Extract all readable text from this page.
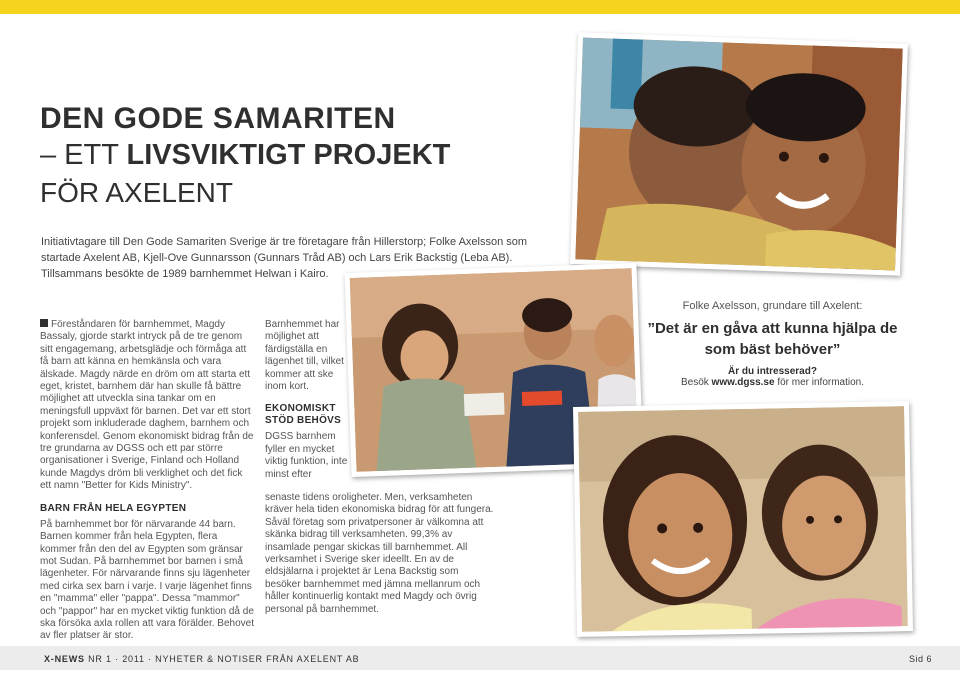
DEN GODE SAMARITEN
– ETT LIVSVIKTIGT PROJEKT
FÖR AXELENT
Initiativtagare till Den Gode Samariten Sverige är tre företagare från Hillerstorp; Folke Axelsson som startade Axelent AB, Kjell-Ove Gunnarsson (Gunnars Tråd AB) och Lars Erik Backstig (Leba AB). Tillsammans besökte de 1989 barnhemmet Helwan i Kairo.

Föreståndaren för barnhemmet, Magdy Bassaly, gjorde starkt intryck på de tre genom sitt engagemang, arbetsglädje och förmåga att få barn att känna en hemkänsla och vara älskade. Magdy närde en dröm om att starta ett eget, kristet, barnhem där han skulle få bättre möjlighet att utveckla sina tankar om en meningsfull uppväxt för barnen. Det var ett stort projekt som inkluderade daghem, barnhem och konferensdel. Genom ekonomiskt bidrag från de tre grundarna av DGSS och ett par större organisationer i Sverige, Finland och Holland kunde Magdys dröm bli verklighet och det fick ett namn "Better for Kids Ministry".

BARN FRÅN HELA EGYPTEN

På barnhemmet bor för närvarande 44 barn. Barnen kommer från hela Egypten, flera kommer från den del av Egypten som gränsar mot Sudan. På barnhemmet bor barnen i små lägenheter. För närvarande finns sju lägenheter med cirka sex barn i varje. I varje lägenhet finns en "mamma" eller "pappa". Dessa "mammor" och "pappor" har en mycket viktig funktion då de ska försöka axla rollen att vara förälder. Behovet av fler platser är stor.

Barnhemmet har möjlighet att färdigställa en lägenhet till, vilket kommer att ske inom kort.

EKONOMISKT STÖD BEHÖVS

DGSS barnhem fyller en mycket viktig funktion, inte minst efter

senaste tidens oroligheter. Men, verksamheten kräver hela tiden ekonomiska bidrag för att fungera. Såväl företag som privatpersoner är välkomna att skänka bidrag till verksamheten. 99,3% av insamlade pengar skickas till barnhemmet. All verksamhet i Sverige sker ideellt. En av de eldsjälarna i projektet är Lena Backstig som besöker barnhemmet med jämna mellanrum och håller kontinuerlig kontakt med Magdy och övrig personal på barnhemmet.

Folke Axelsson, grundare till Axelent:
”Det är en gåva att kunna hjälpa de som bäst behöver”
Är du intresserad?
Besök www.dgss.se för mer information.
X-NEWS NR 1 · 2011 · NYHETER & NOTISER FRÅN AXELENT AB	Sid 6
